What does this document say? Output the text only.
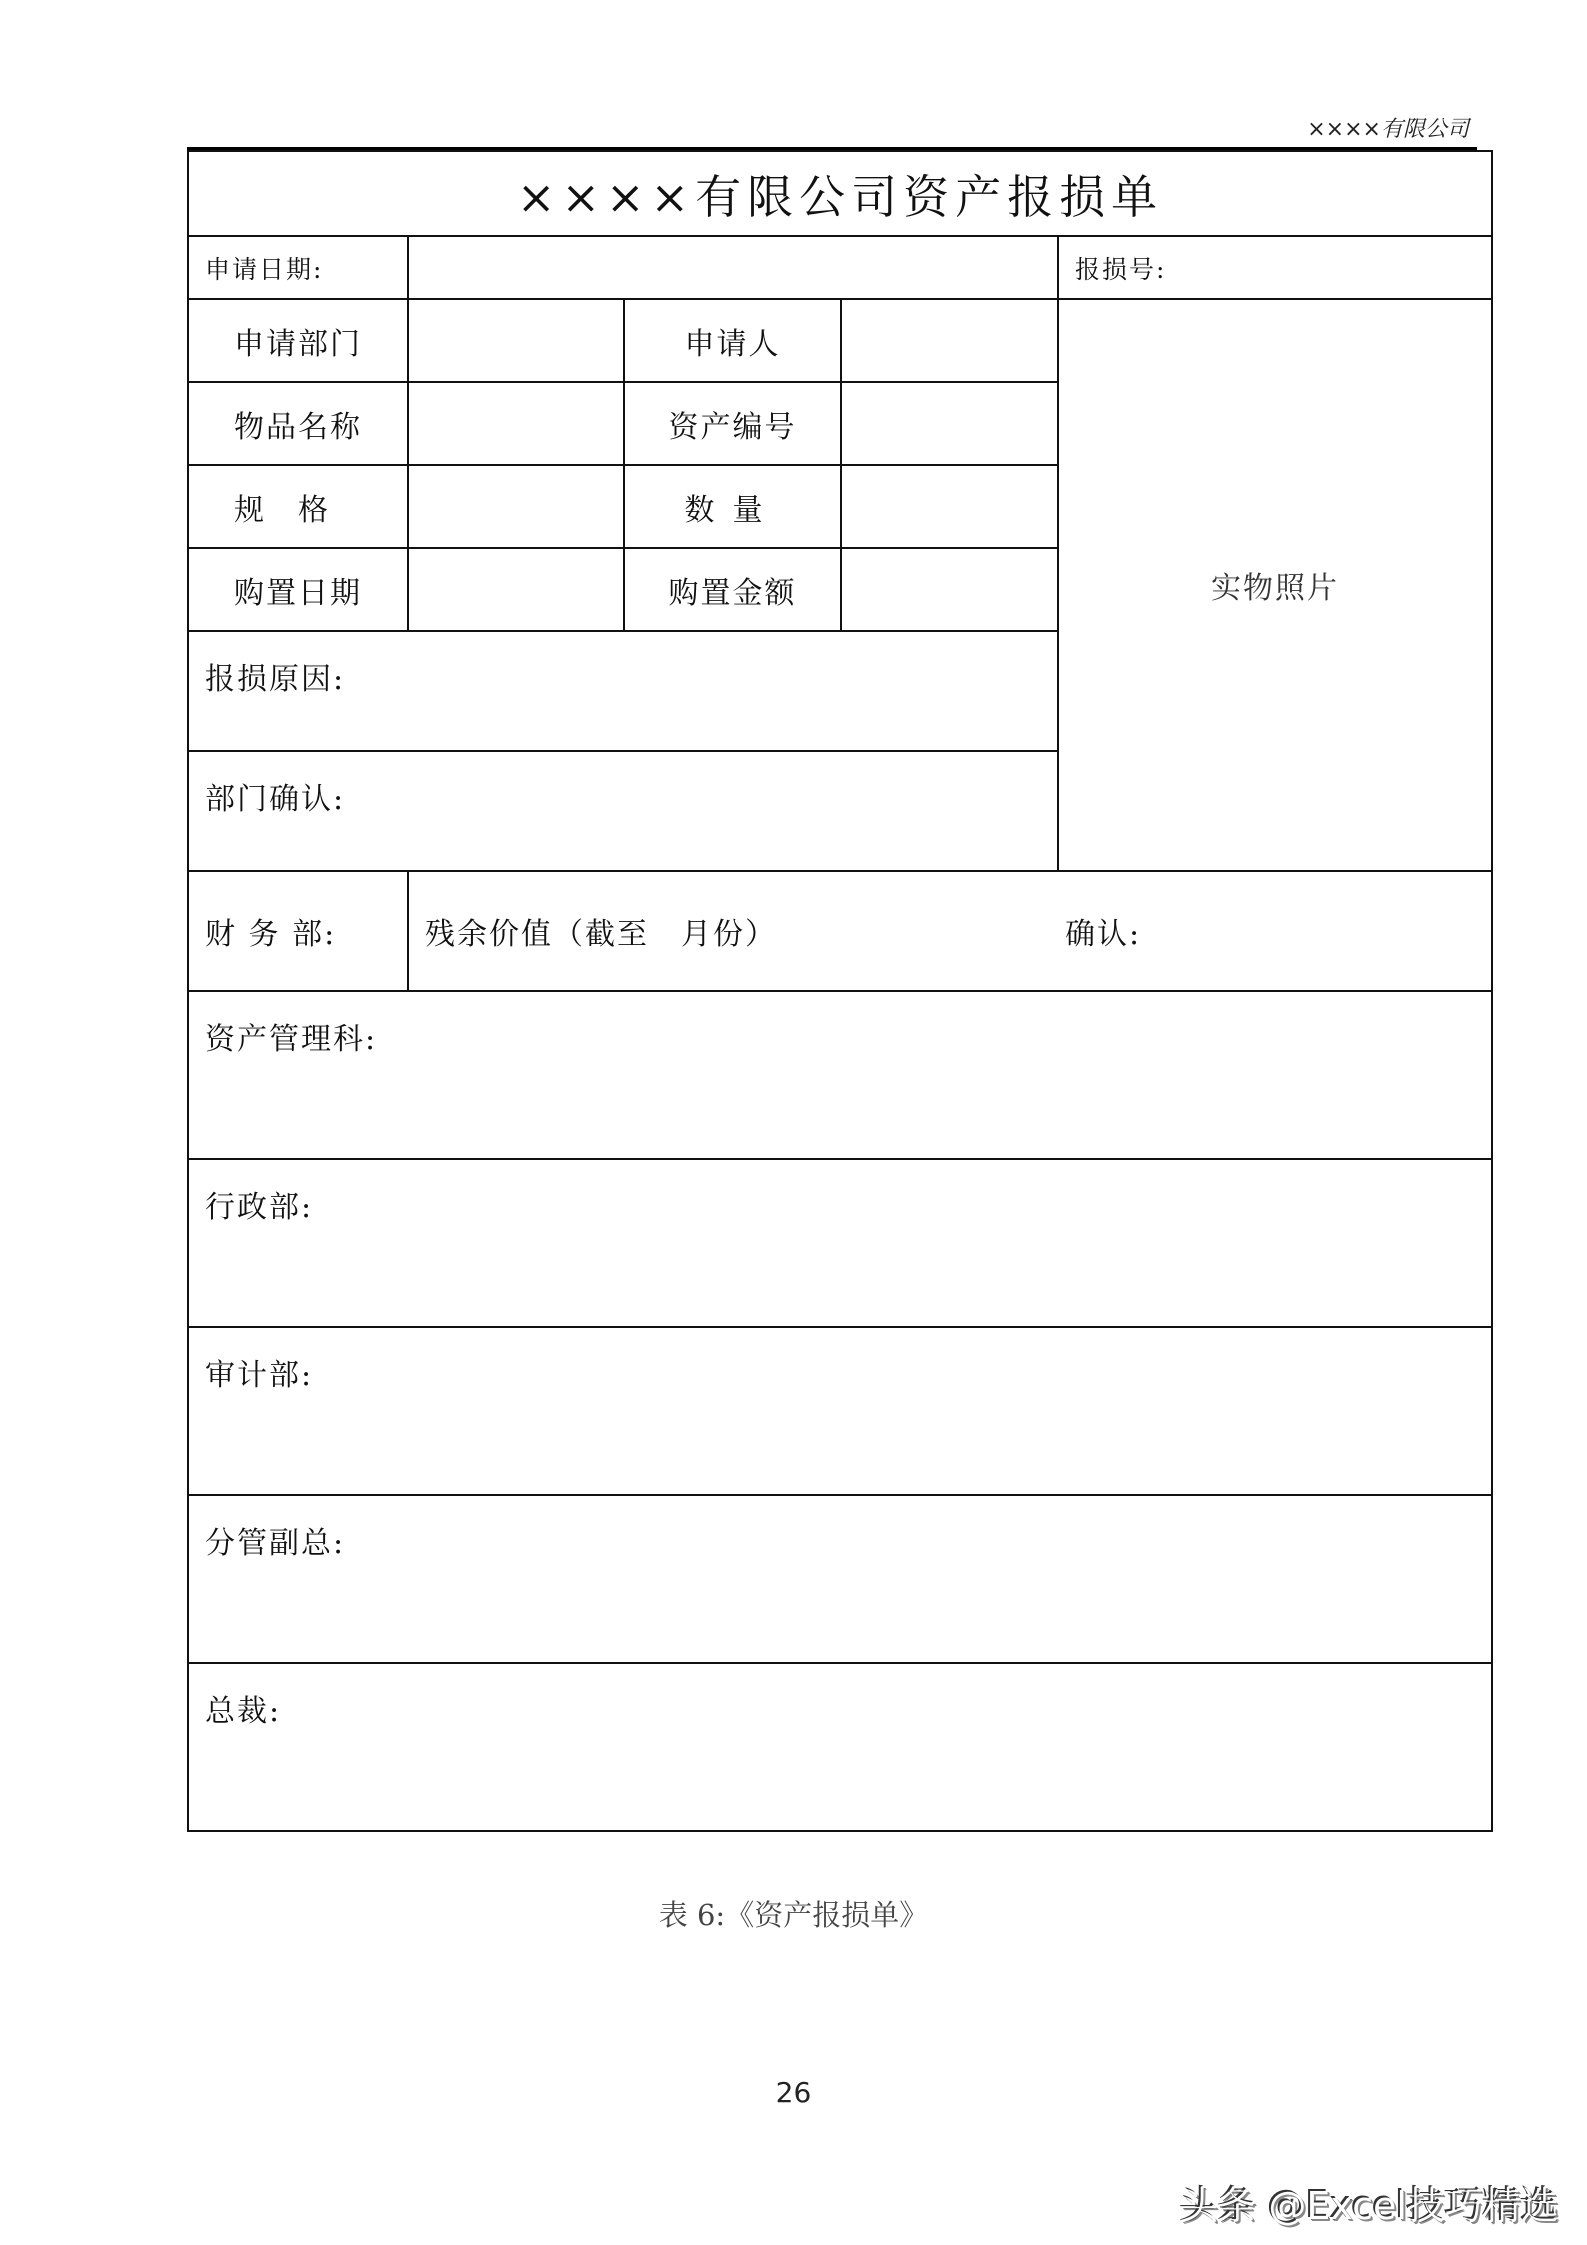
××××有限公司
××××有限公司资产报损单				
申请日期:				报损号:
申请部门		申请人		实物照片
物品名称		资产编号		
规格		数量		
购置日期		购置金额		
报损原因:				
部门确认:				
财 务 部:	残余价值（截至　月份） 确认:			

资产管理科:				
行政部:				
审计部:				
分管副总:				
总裁:				
表 6:《资产报损单》
26
头条 @Excel技巧精选
